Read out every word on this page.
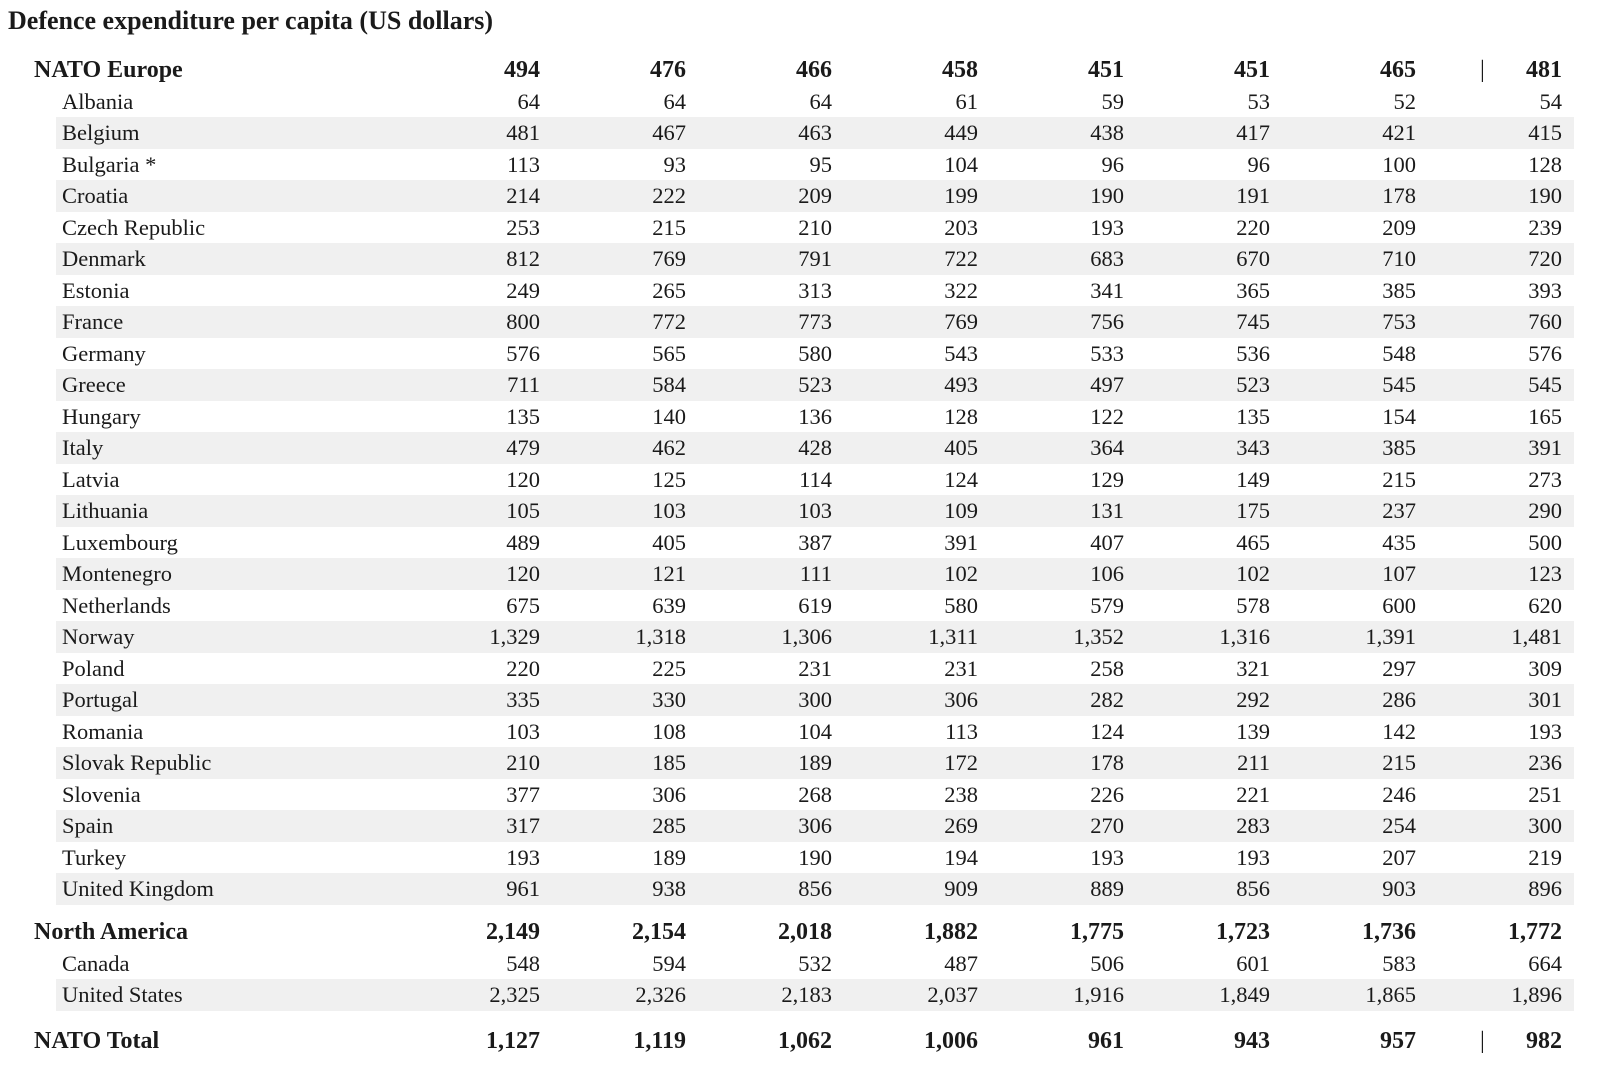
Defence expenditure per capita (US dollars)
NATO Europe	494	476	466	458	451	451	465	481
|
Albania	64	64	64	61	59	53	52	54
Belgium	481	467	463	449	438	417	421	415
Bulgaria *	113	93	95	104	96	96	100	128
Croatia	214	222	209	199	190	191	178	190
Czech Republic	253	215	210	203	193	220	209	239
Denmark	812	769	791	722	683	670	710	720
Estonia	249	265	313	322	341	365	385	393
France	800	772	773	769	756	745	753	760
Germany	576	565	580	543	533	536	548	576
Greece	711	584	523	493	497	523	545	545
Hungary	135	140	136	128	122	135	154	165
Italy	479	462	428	405	364	343	385	391
Latvia	120	125	114	124	129	149	215	273
Lithuania	105	103	103	109	131	175	237	290
Luxembourg	489	405	387	391	407	465	435	500
Montenegro	120	121	111	102	106	102	107	123
Netherlands	675	639	619	580	579	578	600	620
Norway	1,329	1,318	1,306	1,311	1,352	1,316	1,391	1,481
Poland	220	225	231	231	258	321	297	309
Portugal	335	330	300	306	282	292	286	301
Romania	103	108	104	113	124	139	142	193
Slovak Republic	210	185	189	172	178	211	215	236
Slovenia	377	306	268	238	226	221	246	251
Spain	317	285	306	269	270	283	254	300
Turkey	193	189	190	194	193	193	207	219
United Kingdom	961	938	856	909	889	856	903	896
North America	2,149	2,154	2,018	1,882	1,775	1,723	1,736	1,772
Canada	548	594	532	487	506	601	583	664
United States	2,325	2,326	2,183	2,037	1,916	1,849	1,865	1,896
NATO Total	1,127	1,119	1,062	1,006	961	943	957	982
|
